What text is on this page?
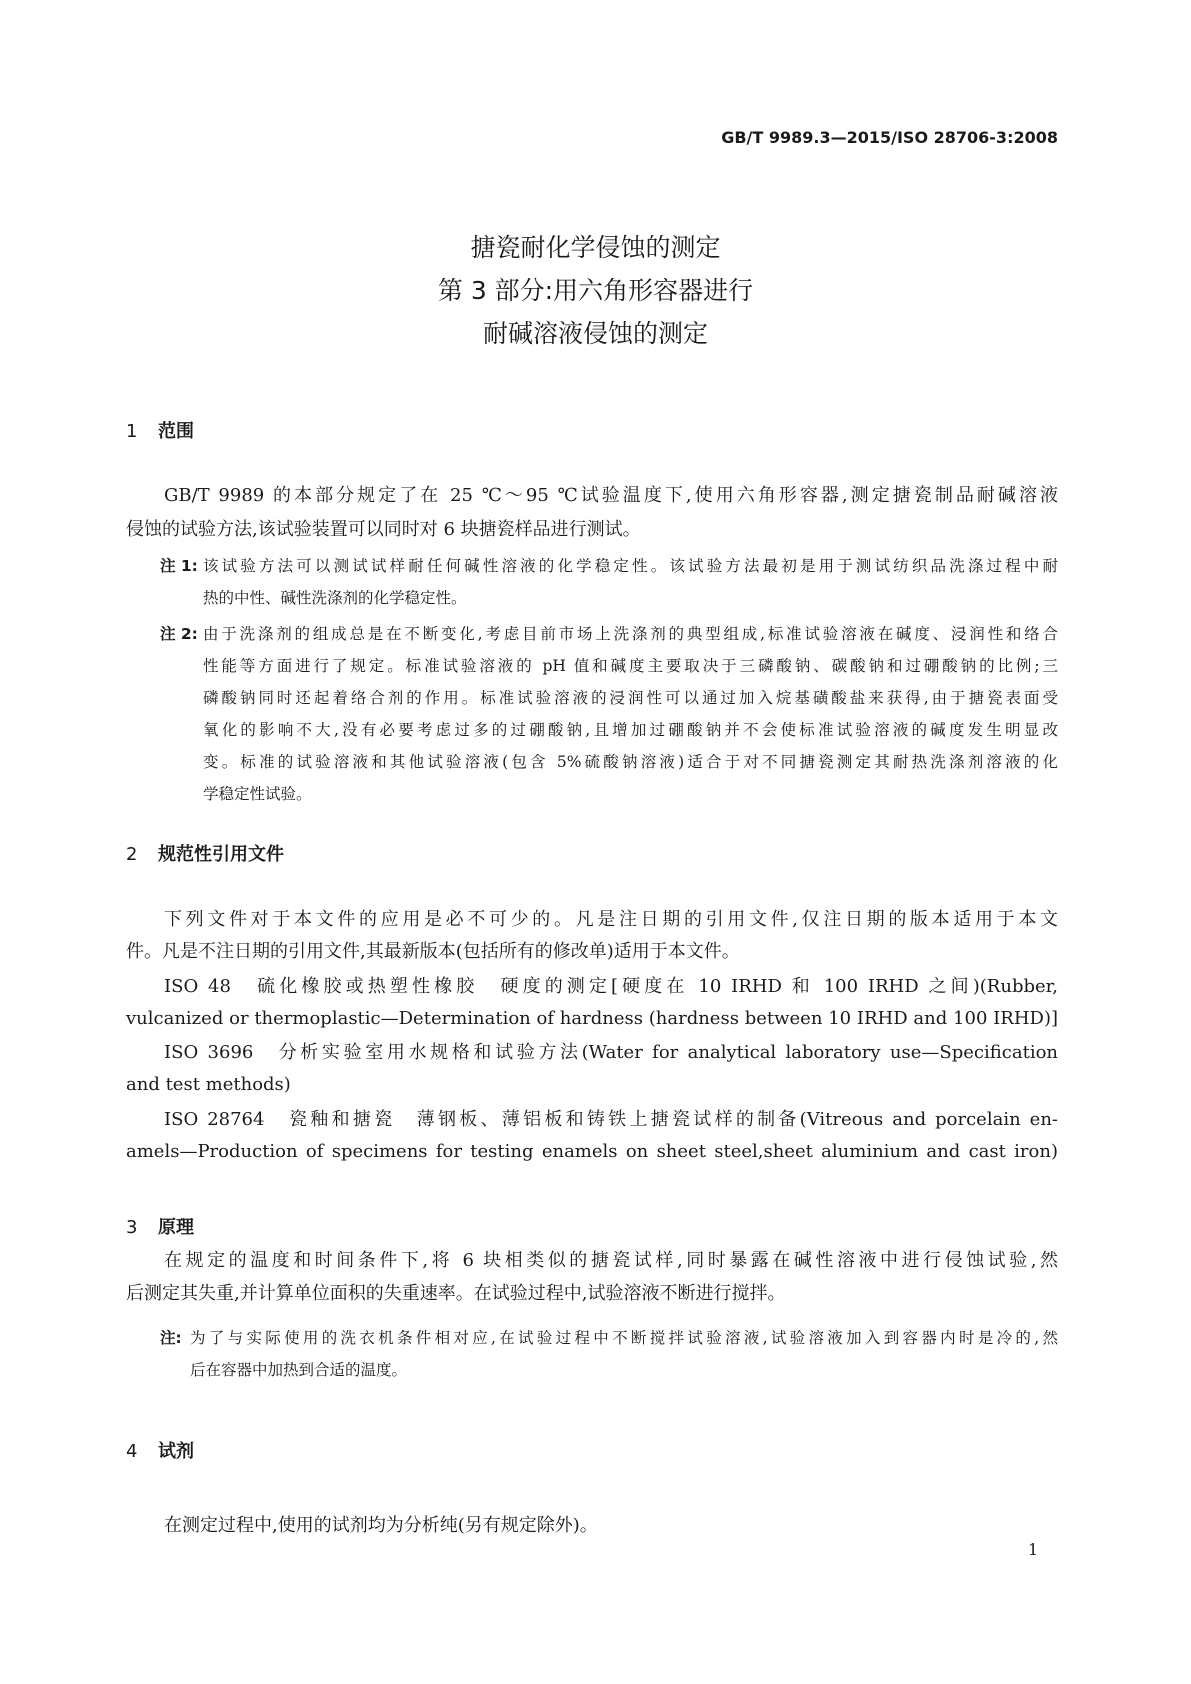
GB/T 9989.3—2015/ISO 28706-3:2008
搪瓷耐化学侵蚀的测定
第 3 部分:用六角形容器进行
耐碱溶液侵蚀的测定
1 范围
GB/T 9989 的本部分规定了在 25 ℃～95 ℃试验温度下,使用六角形容器,测定搪瓷制品耐碱溶液
侵蚀的试验方法,该试验装置可以同时对 6 块搪瓷样品进行测试。
注 1: 该试验方法可以测试试样耐任何碱性溶液的化学稳定性。该试验方法最初是用于测试纺织品洗涤过程中耐
热的中性、碱性洗涤剂的化学稳定性。
注 2: 由于洗涤剂的组成总是在不断变化,考虑目前市场上洗涤剂的典型组成,标准试验溶液在碱度、浸润性和络合
性能等方面进行了规定。标准试验溶液的 pH 值和碱度主要取决于三磷酸钠、碳酸钠和过硼酸钠的比例;三
磷酸钠同时还起着络合剂的作用。标准试验溶液的浸润性可以通过加入烷基磺酸盐来获得,由于搪瓷表面受
氧化的影响不大,没有必要考虑过多的过硼酸钠,且增加过硼酸钠并不会使标准试验溶液的碱度发生明显改
变。标准的试验溶液和其他试验溶液(包含 5%硫酸钠溶液)适合于对不同搪瓷测定其耐热洗涤剂溶液的化
学稳定性试验。
2 规范性引用文件
下列文件对于本文件的应用是必不可少的。凡是注日期的引用文件,仅注日期的版本适用于本文
件。凡是不注日期的引用文件,其最新版本(包括所有的修改单)适用于本文件。
ISO 48　硫化橡胶或热塑性橡胶　硬度的测定[硬度在 10 IRHD 和 100 IRHD 之间)(Rubber,
vulcanized or thermoplastic—Determination of hardness (hardness between 10 IRHD and 100 IRHD)]
ISO 3696　分析实验室用水规格和试验方法(Water for analytical laboratory use—Specification
and test methods)
ISO 28764　瓷釉和搪瓷　薄钢板、薄铝板和铸铁上搪瓷试样的制备(Vitreous and porcelain en-
amels—Production of specimens for testing enamels on sheet steel,sheet aluminium and cast iron)
3 原理
在规定的温度和时间条件下,将 6 块相类似的搪瓷试样,同时暴露在碱性溶液中进行侵蚀试验,然
后测定其失重,并计算单位面积的失重速率。在试验过程中,试验溶液不断进行搅拌。
注: 为了与实际使用的洗衣机条件相对应,在试验过程中不断搅拌试验溶液,试验溶液加入到容器内时是冷的,然
后在容器中加热到合适的温度。
4 试剂
在测定过程中,使用的试剂均为分析纯(另有规定除外)。
1
